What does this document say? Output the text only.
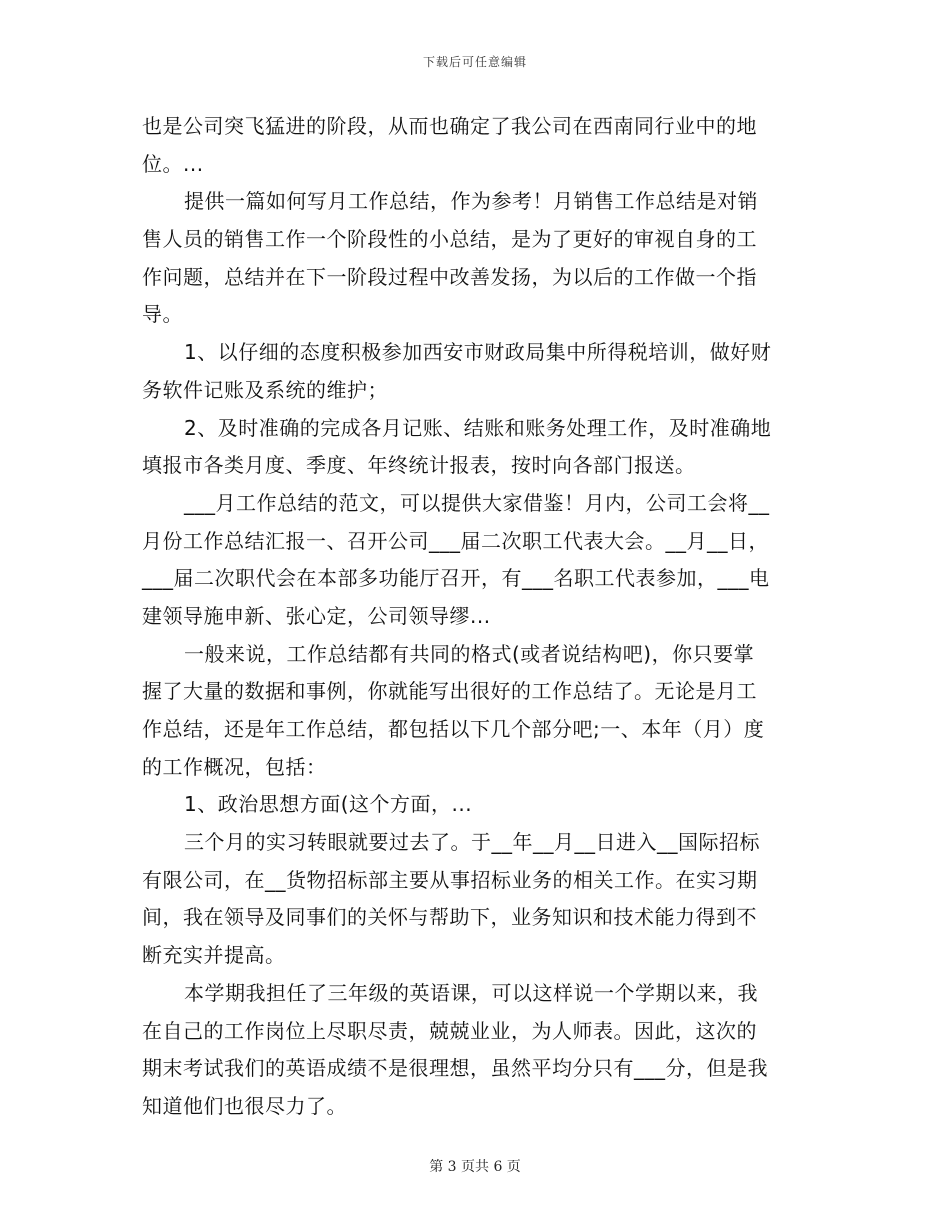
下载后可任意编辑
也是公司突飞猛进的阶段，从而也确定了我公司在西南同行业中的地
位。...
提供一篇如何写月工作总结，作为参考！月销售工作总结是对销
售人员的销售工作一个阶段性的小总结，是为了更好的审视自身的工
作问题，总结并在下一阶段过程中改善发扬，为以后的工作做一个指
导。
1、以仔细的态度积极参加西安市财政局集中所得税培训，做好财
务软件记账及系统的维护；
2、及时准确的完成各月记账、结账和账务处理工作，及时准确地
填报市各类月度、季度、年终统计报表，按时向各部门报送。
___月工作总结的范文，可以提供大家借鉴！月内，公司工会将__
月份工作总结汇报一、召开公司___届二次职工代表大会。__月__日，
___届二次职代会在本部多功能厅召开，有___名职工代表参加，___电
建领导施申新、张心定，公司领导缪...
一般来说，工作总结都有共同的格式(或者说结构吧)，你只要掌
握了大量的数据和事例，你就能写出很好的工作总结了。无论是月工
作总结，还是年工作总结，都包括以下几个部分吧;一、本年（月）度
的工作概况，包括：
1、政治思想方面(这个方面，...
三个月的实习转眼就要过去了。于__年__月__日进入__国际招标
有限公司，在__货物招标部主要从事招标业务的相关工作。在实习期
间，我在领导及同事们的关怀与帮助下，业务知识和技术能力得到不
断充实并提高。
本学期我担任了三年级的英语课，可以这样说一个学期以来，我
在自己的工作岗位上尽职尽责，兢兢业业，为人师表。因此，这次的
期末考试我们的英语成绩不是很理想，虽然平均分只有___分，但是我
知道他们也很尽力了。
第 3 页共 6 页
